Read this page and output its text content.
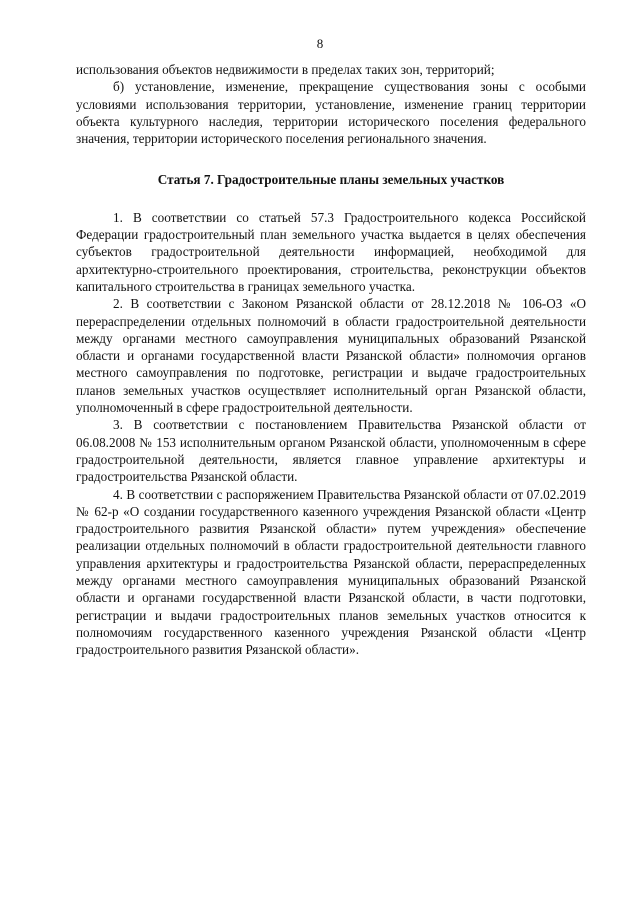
8

использования объектов недвижимости в пределах таких зон, территорий;

б) установление, изменение, прекращение существования зоны с особыми условиями использования территории, установление, изменение границ территории объекта культурного наследия, территории исторического поселения федерального значения, территории исторического поселения регионального значения.

Статья 7. Градостроительные планы земельных участков

1. В соответствии со статьей 57.3 Градостроительного кодекса Российской Федерации градостроительный план земельного участка выдается в целях обеспечения субъектов градостроительной деятельности информацией, необходимой для архитектурно-строительного проектирования, строительства, реконструкции объектов капитального строительства в границах земельного участка.

2. В соответствии с Законом Рязанской области от 28.12.2018 № 106-ОЗ «О перераспределении отдельных полномочий в области градостроительной деятельности между органами местного самоуправления муниципальных образований Рязанской области и органами государственной власти Рязанской области» полномочия органов местного самоуправления по подготовке, регистрации и выдаче градостроительных планов земельных участков осуществляет исполнительный орган Рязанской области, уполномоченный в сфере градостроительной деятельности.

3. В соответствии с постановлением Правительства Рязанской области от 06.08.2008 № 153 исполнительным органом Рязанской области, уполномоченным в сфере градостроительной деятельности, является главное управление архитектуры и градостроительства Рязанской области.

4. В соответствии с распоряжением Правительства Рязанской области от 07.02.2019 № 62-р «О создании государственного казенного учреждения Рязанской области «Центр градостроительного развития Рязанской области» путем учреждения» обеспечение реализации отдельных полномочий в области градостроительной деятельности главного управления архитектуры и градостроительства Рязанской области, перераспределенных между органами местного самоуправления муниципальных образований Рязанской области и органами государственной власти Рязанской области, в части подготовки, регистрации и выдачи градостроительных планов земельных участков относится к полномочиям государственного казенного учреждения Рязанской области «Центр градостроительного развития Рязанской области».
